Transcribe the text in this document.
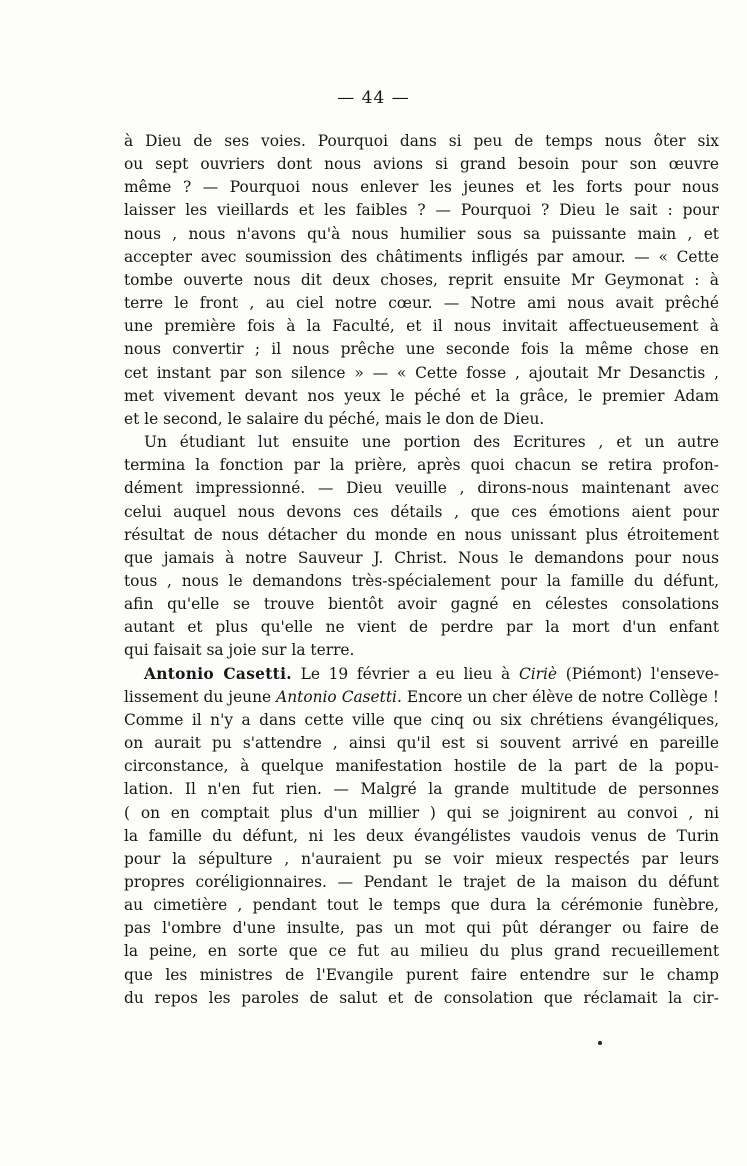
— 44 —
à Dieu de ses voies. Pourquoi dans si peu de temps nous ôter six
ou sept ouvriers dont nous avions si grand besoin pour son œuvre
même ? — Pourquoi nous enlever les jeunes et les forts pour nous
laisser les vieillards et les faibles ? — Pourquoi ? Dieu le sait : pour
nous , nous n'avons qu'à nous humilier sous sa puissante main , et
accepter avec soumission des châtiments infligés par amour. — « Cette
tombe ouverte nous dit deux choses, reprit ensuite Mr Geymonat : à
terre le front , au ciel notre cœur. — Notre ami nous avait prêché
une première fois à la Faculté, et il nous invitait affectueusement à
nous convertir ; il nous prêche une seconde fois la même chose en
cet instant par son silence » — « Cette fosse , ajoutait Mr Desanctis ,
met vivement devant nos yeux le péché et la grâce, le premier Adam
et le second, le salaire du péché, mais le don de Dieu.
Un étudiant lut ensuite une portion des Ecritures , et un autre
termina la fonction par la prière, après quoi chacun se retira profon-
dément impressionné. — Dieu veuille , dirons-nous maintenant avec
celui auquel nous devons ces détails , que ces émotions aient pour
résultat de nous détacher du monde en nous unissant plus étroitement
que jamais à notre Sauveur J. Christ. Nous le demandons pour nous
tous , nous le demandons très-spécialement pour la famille du défunt,
afin qu'elle se trouve bientôt avoir gagné en célestes consolations
autant et plus qu'elle ne vient de perdre par la mort d'un enfant
qui faisait sa joie sur la terre.
Antonio Casetti. Le 19 février a eu lieu à Ciriè (Piémont) l'enseve-
lissement du jeune Antonio Casetti. Encore un cher élève de notre Collège !
Comme il n'y a dans cette ville que cinq ou six chrétiens évangéliques,
on aurait pu s'attendre , ainsi qu'il est si souvent arrivé en pareille
circonstance, à quelque manifestation hostile de la part de la popu-
lation. Il n'en fut rien. — Malgré la grande multitude de personnes
( on en comptait plus d'un millier ) qui se joignirent au convoi , ni
la famille du défunt, ni les deux évangélistes vaudois venus de Turin
pour la sépulture , n'auraient pu se voir mieux respectés par leurs
propres coréligionnaires. — Pendant le trajet de la maison du défunt
au cimetière , pendant tout le temps que dura la cérémonie funèbre,
pas l'ombre d'une insulte, pas un mot qui pût déranger ou faire de
la peine, en sorte que ce fut au milieu du plus grand recueillement
que les ministres de l'Evangile purent faire entendre sur le champ
du repos les paroles de salut et de consolation que réclamait la cir-
